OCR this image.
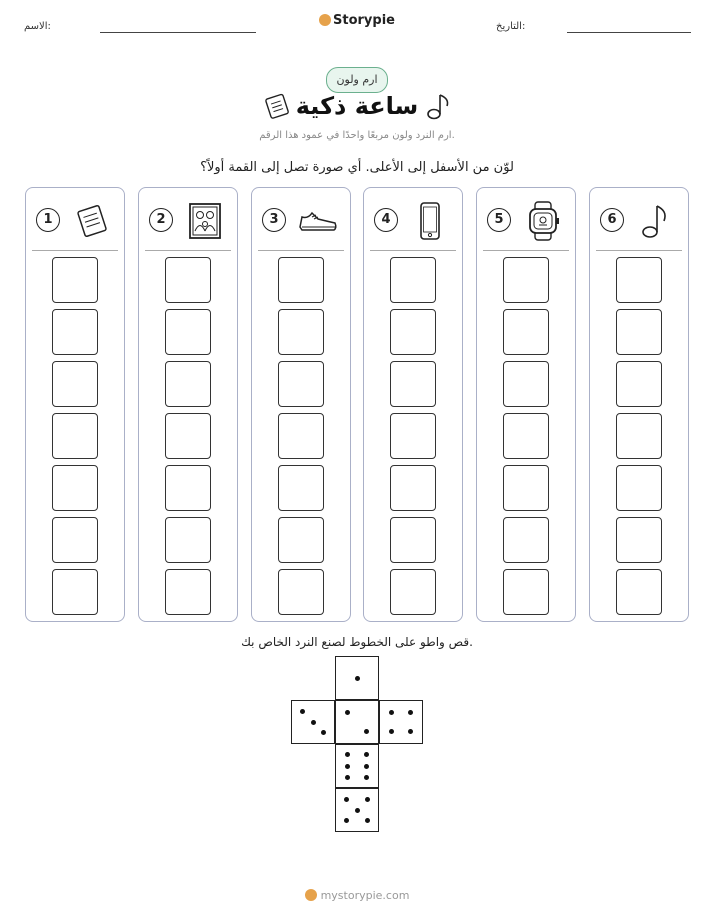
الاسم:	Storypie	التاريخ:
ارم ولون
ساعة ذكية
ارم النرد ولون مربعًا واحدًا في عمود هذا الرقم.
لوّن من الأسفل إلى الأعلى. أي صورة تصل إلى القمة أولاً؟
1	2	3	4	5	6
قص واطو على الخطوط لصنع النرد الخاص بك.
mystorypie.com
